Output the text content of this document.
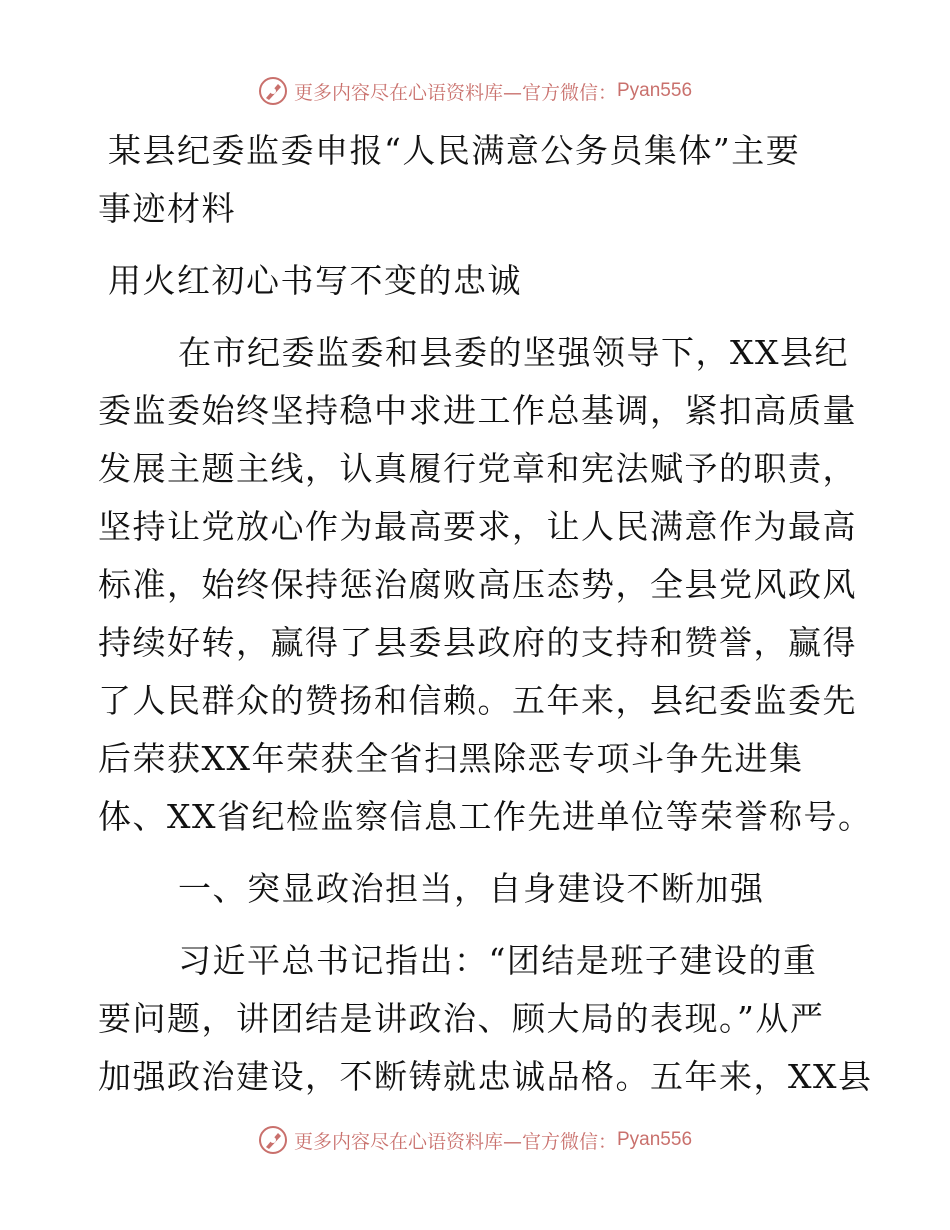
更多内容尽在心语资料库—官方微信： Pyan556
某县纪委监委申报“人民满意公务员集体”主要
事迹材料
用火红初心书写不变的忠诚
在市纪委监委和县委的坚强领导下，XX县纪
委监委始终坚持稳中求进工作总基调，紧扣高质量
发展主题主线，认真履行党章和宪法赋予的职责，
坚持让党放心作为最高要求，让人民满意作为最高
标准，始终保持惩治腐败高压态势，全县党风政风
持续好转，赢得了县委县政府的支持和赞誉，赢得
了人民群众的赞扬和信赖。五年来，县纪委监委先
后荣获XX年荣获全省扫黑除恶专项斗争先进集
体、XX省纪检监察信息工作先进单位等荣誉称号。
一、突显政治担当，自身建设不断加强
习近平总书记指出：“团结是班子建设的重
要问题，讲团结是讲政治、顾大局的表现。”从严
加强政治建设，不断铸就忠诚品格。五年来，XX县
更多内容尽在心语资料库—官方微信： Pyan556
